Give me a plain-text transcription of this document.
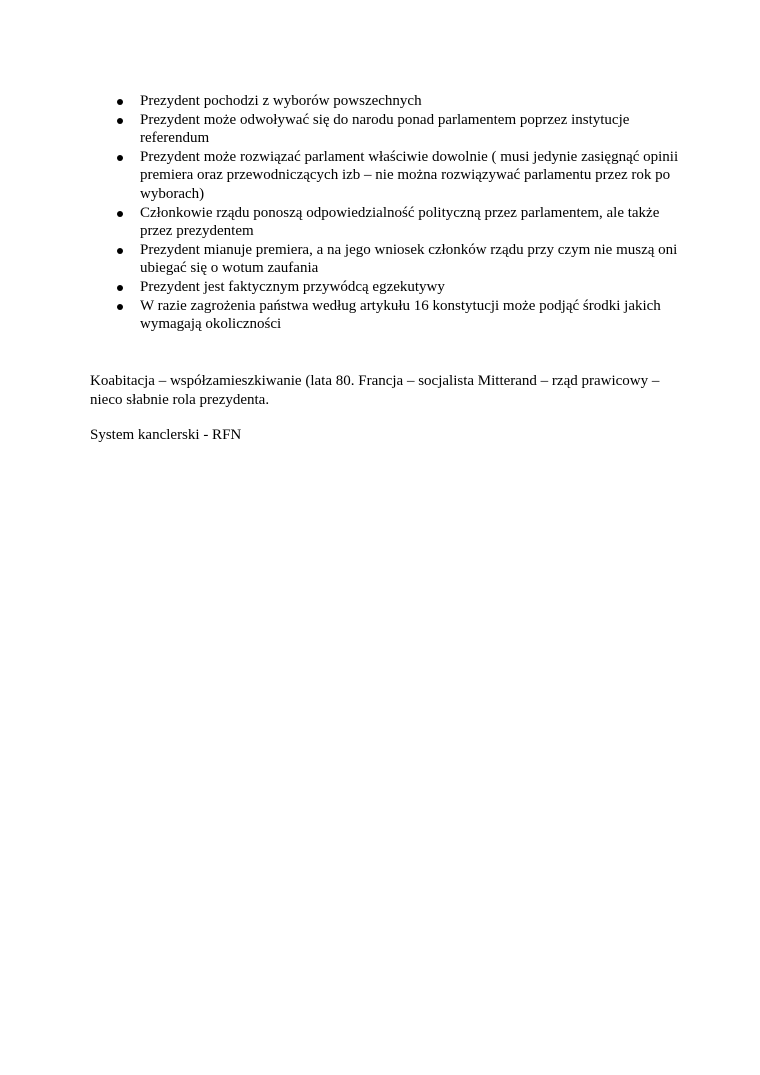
Prezydent pochodzi z wyborów powszechnych
Prezydent może odwoływać się do narodu ponad parlamentem poprzez instytucje referendum
Prezydent może rozwiązać parlament właściwie dowolnie ( musi jedynie zasięgnąć opinii premiera oraz przewodniczących izb – nie można rozwiązywać parlamentu przez rok po wyborach)
Członkowie rządu ponoszą odpowiedzialność polityczną przez parlamentem, ale także przez prezydentem
Prezydent mianuje premiera, a na jego wniosek członków rządu przy czym nie muszą oni ubiegać się o wotum zaufania
Prezydent jest faktycznym przywódcą egzekutywy
W razie zagrożenia państwa według artykułu 16 konstytucji może podjąć środki jakich wymagają okoliczności

Koabitacja – współzamieszkiwanie (lata 80. Francja – socjalista Mitterand – rząd prawicowy – nieco słabnie rola prezydenta.

System kanclerski - RFN
